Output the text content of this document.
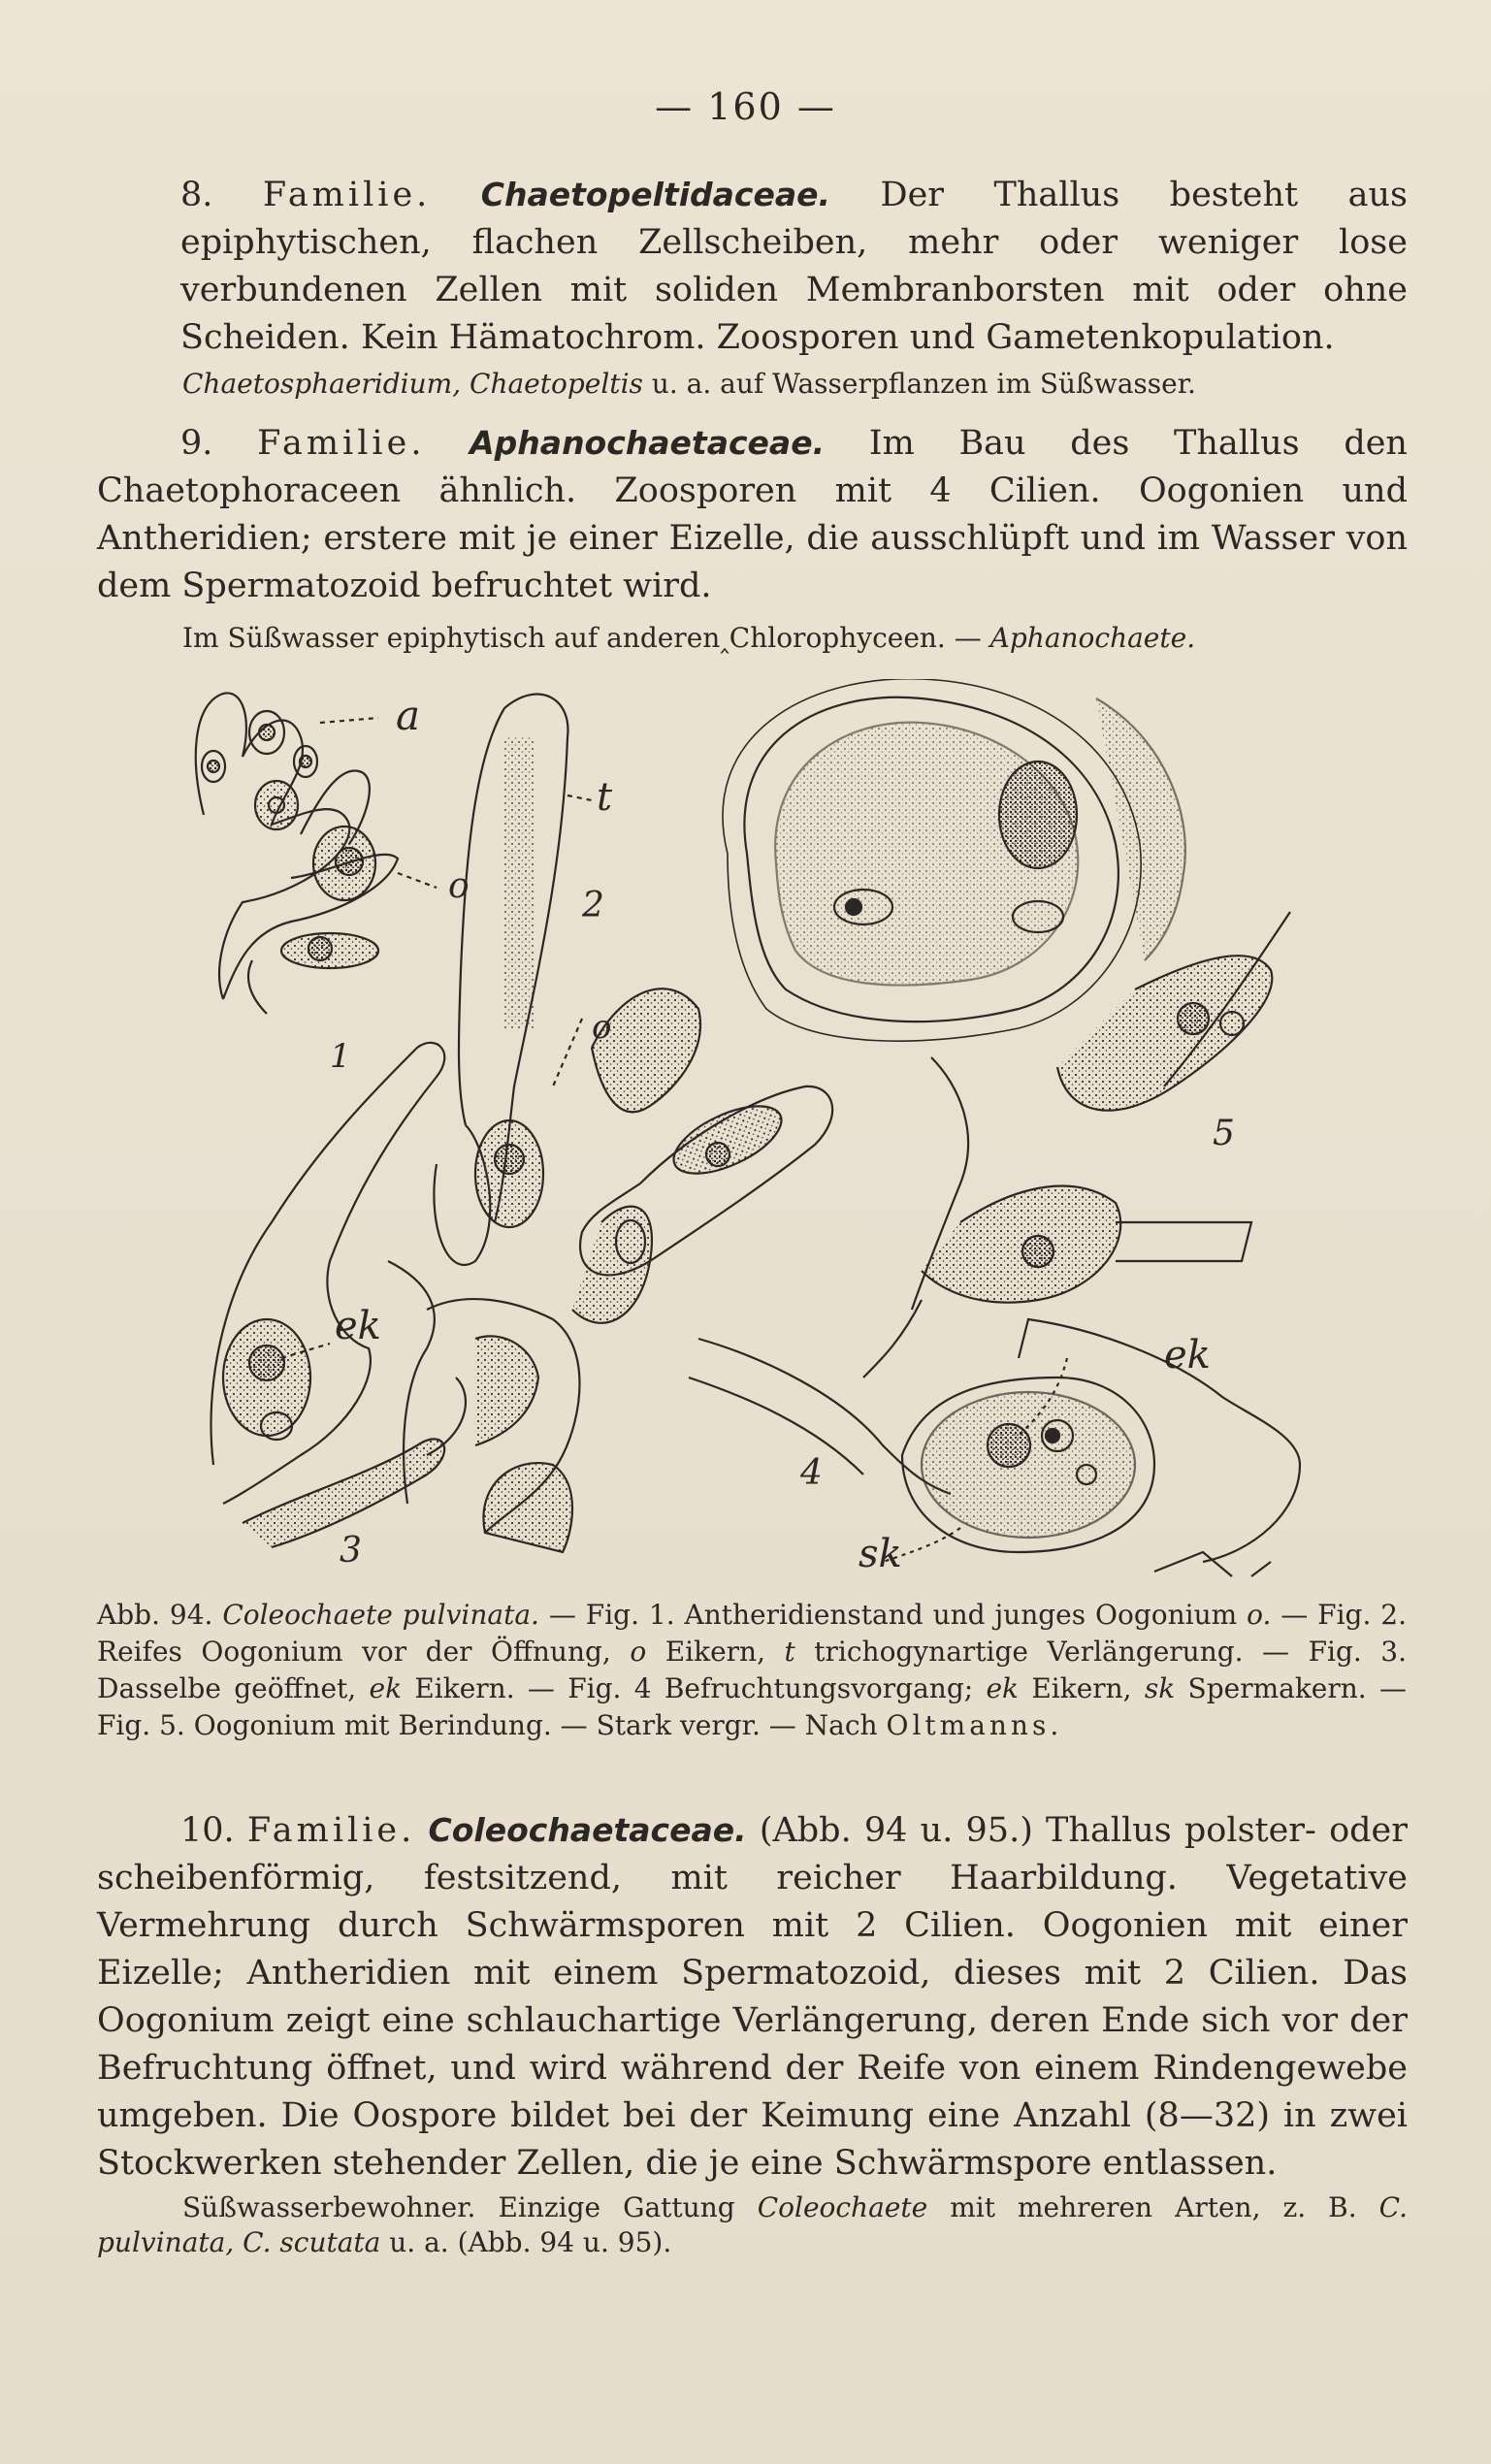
— 160 —
8. Familie. Chaetopeltidaceae. Der Thallus besteht aus epiphytischen, flachen Zellscheiben, mehr oder weniger lose verbundenen Zellen mit soliden Membranborsten mit oder ohne Scheiden. Kein Hämatochrom. Zoosporen und Gametenkopulation.
Chaetosphaeridium, Chaetopeltis u. a. auf Wasserpflanzen im Süßwasser.
9. Familie. Aphanochaetaceae. Im Bau des Thallus den Chaetophoraceen ähnlich. Zoosporen mit 4 Cilien. Oogonien und Antheridien; erstere mit je einer Eizelle, die ausschlüpft und im Wasser von dem Spermatozoid befruchtet wird.
Im Süßwasser epiphytisch auf anderen‸Chlorophyceen. — Aphanochaete.
a
o
1
t
2
o
5
ek
ek
3
4
sk
Abb. 94. Coleochaete pulvinata. — Fig. 1. Antheridienstand und junges Oogonium o. — Fig. 2. Reifes Oogonium vor der Öffnung, o Eikern, t trichogynartige Verlängerung. — Fig. 3. Dasselbe geöffnet, ek Eikern. — Fig. 4 Befruchtungsvorgang; ek Eikern, sk Spermakern. — Fig. 5. Oogonium mit Berindung. — Stark vergr. — Nach Oltmanns.
10. Familie. Coleochaetaceae. (Abb. 94 u. 95.) Thallus polster- oder scheibenförmig, festsitzend, mit reicher Haarbildung. Vegetative Vermehrung durch Schwärmsporen mit 2 Cilien. Oogonien mit einer Eizelle; Antheridien mit einem Spermatozoid, dieses mit 2 Cilien. Das Oogonium zeigt eine schlauchartige Verlängerung, deren Ende sich vor der Befruchtung öffnet, und wird während der Reife von einem Rindengewebe umgeben. Die Oospore bildet bei der Keimung eine Anzahl (8—32) in zwei Stockwerken stehender Zellen, die je eine Schwärmspore entlassen.
Süßwasserbewohner. Einzige Gattung Coleochaete mit mehreren Arten, z. B. C. pulvinata, C. scutata u. a. (Abb. 94 u. 95).
